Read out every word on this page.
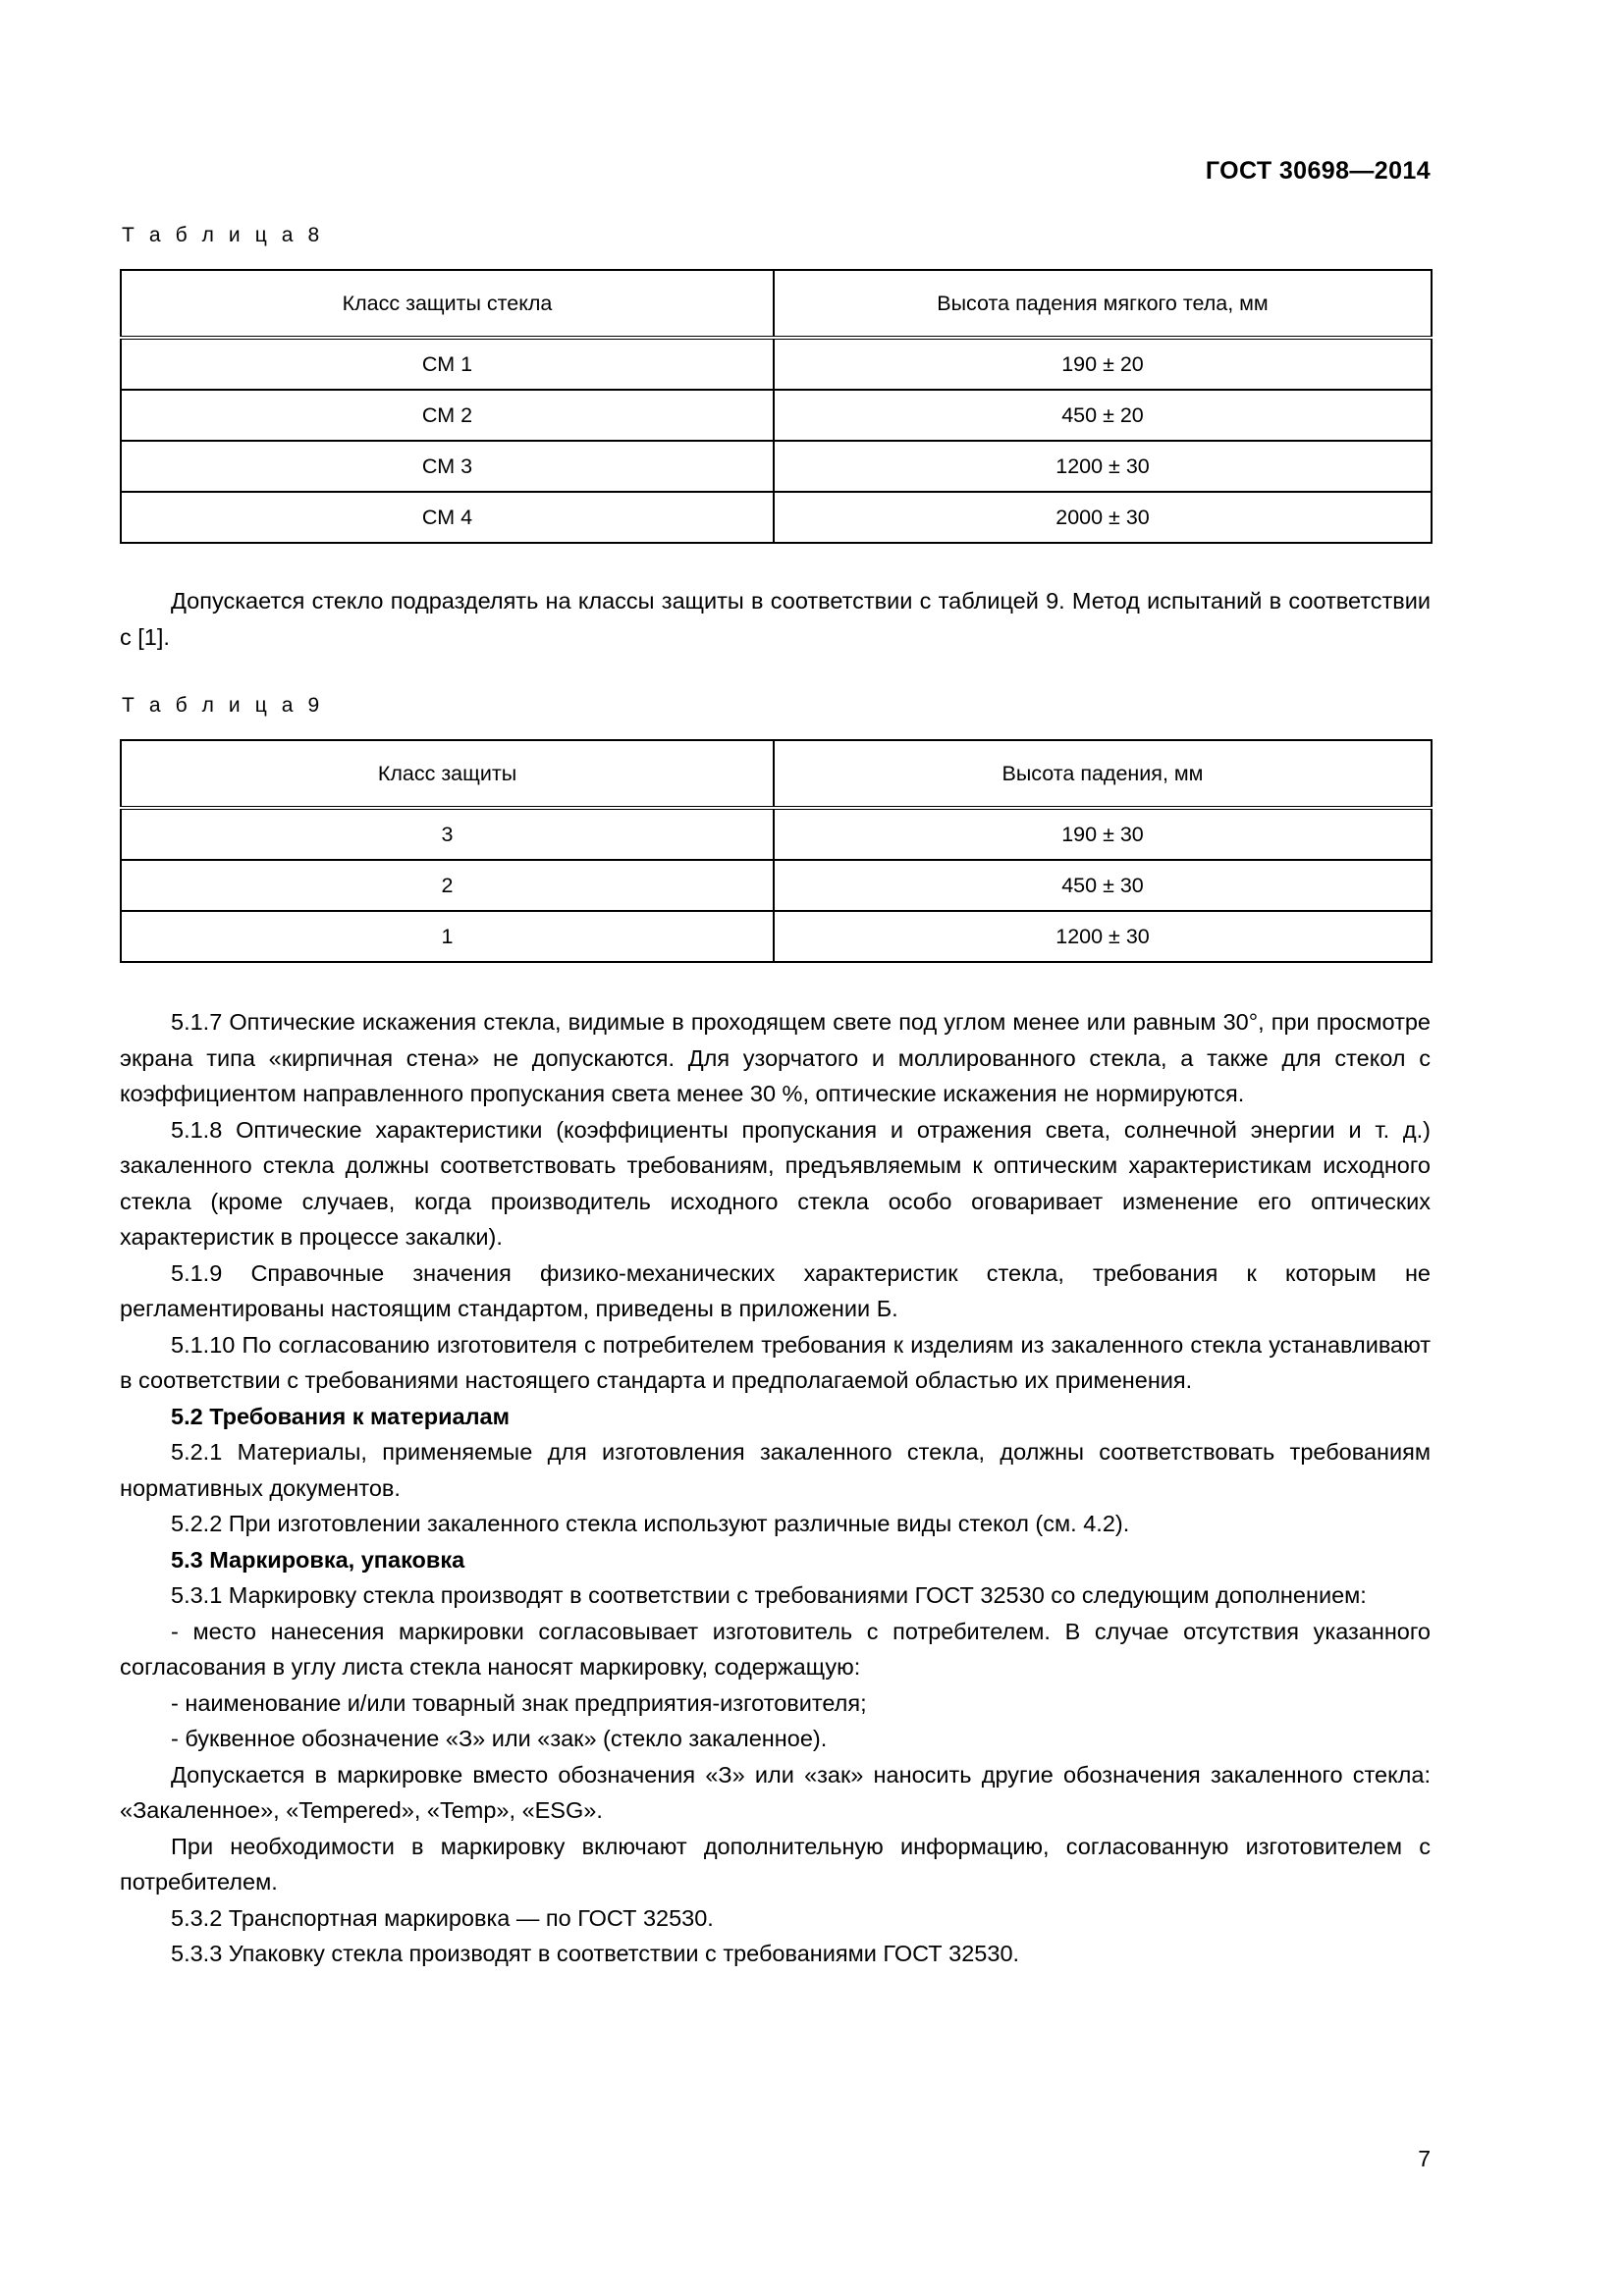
ГОСТ 30698—2014
Т а б л и ц а 8
Класс защиты стекла	Высота падения мягкого тела, мм
СМ 1	190 ± 20
СМ 2	450 ± 20
СМ 3	1200 ± 30
СМ 4	2000 ± 30

Допускается стекло подразделять на классы защиты в соответствии с таблицей 9. Метод испытаний в соответствии с [1].

Т а б л и ц а 9
Класс защиты	Высота падения, мм
3	190 ± 30
2	450 ± 30
1	1200 ± 30

5.1.7 Оптические искажения стекла, видимые в проходящем свете под углом менее или равным 30°, при просмотре экрана типа «кирпичная стена» не допускаются. Для узорчатого и моллированного стекла, а также для стекол с коэффициентом направленного пропускания света менее 30 %, оптические искажения не нормируются.

5.1.8 Оптические характеристики (коэффициенты пропускания и отражения света, солнечной энергии и т. д.) закаленного стекла должны соответствовать требованиям, предъявляемым к оптическим характеристикам исходного стекла (кроме случаев, когда производитель исходного стекла особо оговаривает изменение его оптических характеристик в процессе закалки).

5.1.9 Справочные значения физико-механических характеристик стекла, требования к которым не регламентированы настоящим стандартом, приведены в приложении Б.

5.1.10 По согласованию изготовителя с потребителем требования к изделиям из закаленного стекла устанавливают в соответствии с требованиями настоящего стандарта и предполагаемой областью их применения.

5.2 Требования к материалам

5.2.1 Материалы, применяемые для изготовления закаленного стекла, должны соответствовать требованиям нормативных документов.

5.2.2 При изготовлении закаленного стекла используют различные виды стекол (см. 4.2).

5.3 Маркировка, упаковка

5.3.1 Маркировку стекла производят в соответствии с требованиями ГОСТ 32530 со следующим дополнением:

- место нанесения маркировки согласовывает изготовитель с потребителем. В случае отсутствия указанного согласования в углу листа стекла наносят маркировку, содержащую:

- наименование и/или товарный знак предприятия-изготовителя;

- буквенное обозначение «З» или «зак» (стекло закаленное).

Допускается в маркировке вместо обозначения «З» или «зак» наносить другие обозначения закаленного стекла: «Закаленное», «Tempered», «Temp», «ESG».

При необходимости в маркировку включают дополнительную информацию, согласованную изготовителем с потребителем.

5.3.2 Транспортная маркировка — по ГОСТ 32530.

5.3.3 Упаковку стекла производят в соответствии с требованиями ГОСТ 32530.

7
